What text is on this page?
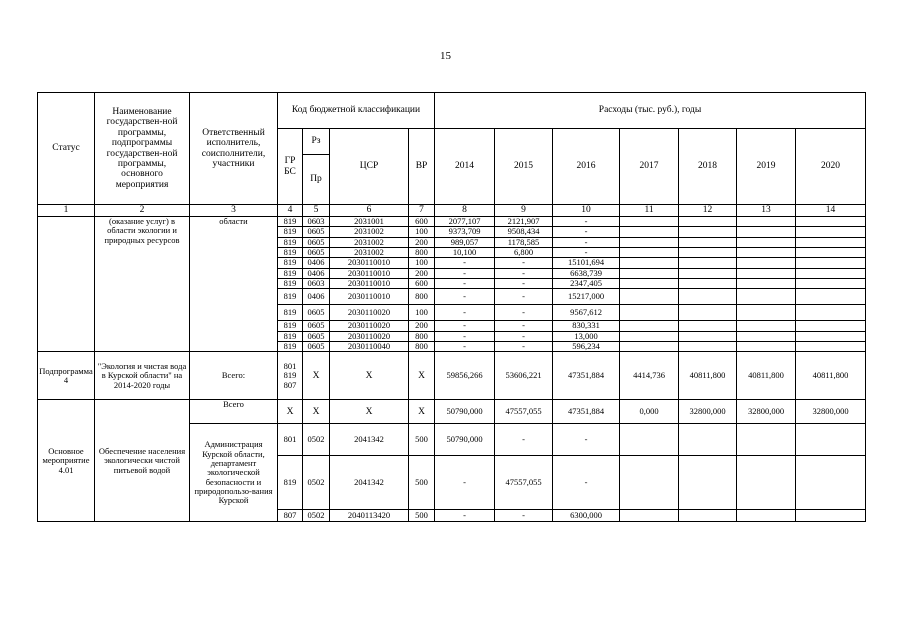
15
Статус	Наименование государствен-ной программы, подпрограммы государствен-ной программы, основного мероприятия	Ответственный исполнитель, соисполнители, участники	Код бюджетной классификации				Расходы (тыс. руб.), годы						
			ГР БС	Рз	ЦСР	ВР	2014	2015	2016	2017	2018	2019	2020
				Пр									
1	2	3	4	5	6	7	8	9	10	11	12	13	14
	(оказание услуг) в области экологии и природных ресурсов	области	819	0603	2031001	600	2077,107	2121,907	-				
			819	0605	2031002	100	9373,709	9508,434	-				
			819	0605	2031002	200	989,057	1178,585	-				
			819	0605	2031002	800	10,100	6,800	-				
			819	0406	2030110010	100	-	-	15101,694				
			819	0406	2030110010	200	-	-	6638,739				
			819	0603	2030110010	600	-	-	2347,405				
			819	0406	2030110010	800	-	-	15217,000				
			819	0605	2030110020	100	-	-	9567,612				
			819	0605	2030110020	200	-	-	830,331				
			819	0605	2030110020	800	-	-	13,000				
			819	0605	2030110040	800	-	-	596,234				
Подпрограмма 4	"Экология и чистая вода в Курской области" на 2014-2020 годы	Всего:	801 819 807	X	X	X	59856,266	53606,221	47351,884	4414,736	40811,800	40811,800	40811,800
Основное мероприятие 4.01	Обеспечение населения экологически чистой питьевой водой	Всего	X	X	X	X	50790,000	47557,055	47351,884	0,000	32800,000	32800,000	32800,000
		Администрация Курской области, департамент экологической безопасности и природопользо-вания Курской	801	0502	2041342	500	50790,000	-	-				
			819	0502	2041342	500	-	47557,055	-				
			807	0502	2040113420	500	-	-	6300,000				
